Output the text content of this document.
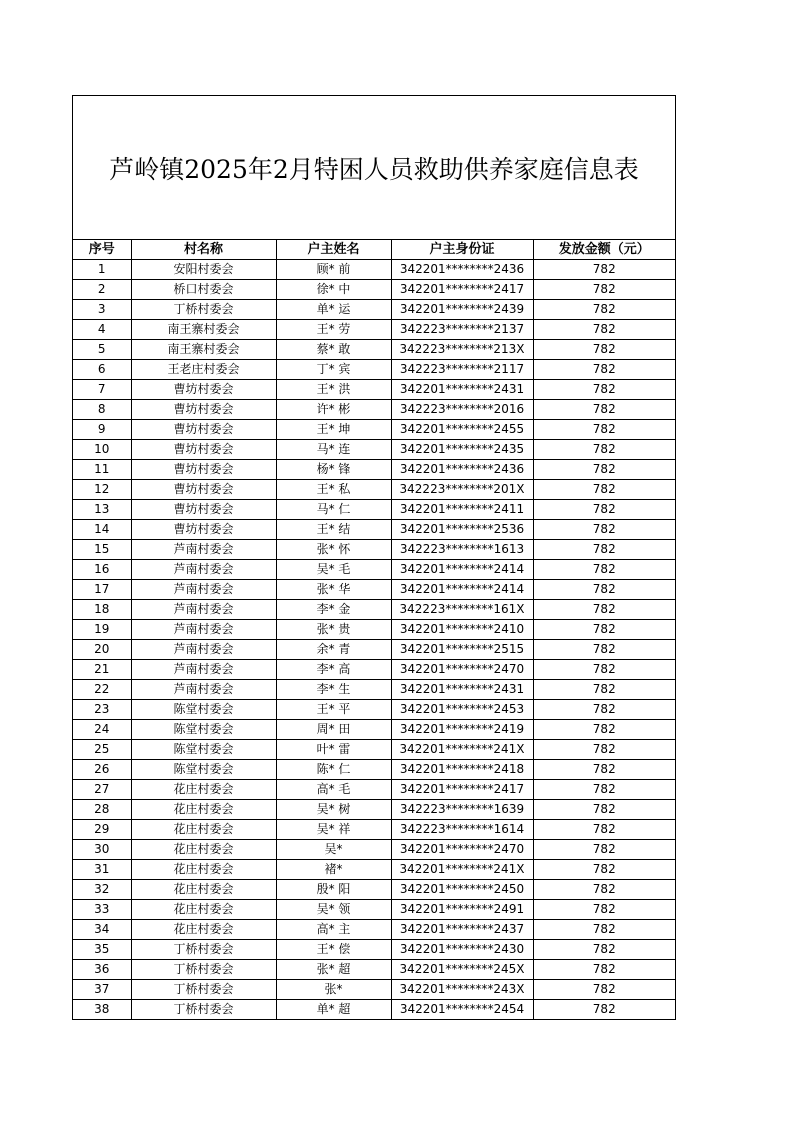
芦岭镇2025年2月特困人员救助供养家庭信息表
序号	村名称	户主姓名	户主身份证	发放金额（元）
1	安阳村委会	顾* 前	342201********2436	782
2	桥口村委会	徐* 中	342201********2417	782
3	丁桥村委会	单* 运	342201********2439	782
4	南王寨村委会	王* 劳	342223********2137	782
5	南王寨村委会	蔡* 敢	342223********213X	782
6	王老庄村委会	丁* 宾	342223********2117	782
7	曹坊村委会	王* 洪	342201********2431	782
8	曹坊村委会	许* 彬	342223********2016	782
9	曹坊村委会	王* 坤	342201********2455	782
10	曹坊村委会	马* 连	342201********2435	782
11	曹坊村委会	杨* 锋	342201********2436	782
12	曹坊村委会	王* 私	342223********201X	782
13	曹坊村委会	马* 仁	342201********2411	782
14	曹坊村委会	王* 结	342201********2536	782
15	芦南村委会	张* 怀	342223********1613	782
16	芦南村委会	吴* 毛	342201********2414	782
17	芦南村委会	张* 华	342201********2414	782
18	芦南村委会	李* 金	342223********161X	782
19	芦南村委会	张* 贵	342201********2410	782
20	芦南村委会	余* 青	342201********2515	782
21	芦南村委会	李* 高	342201********2470	782
22	芦南村委会	李* 生	342201********2431	782
23	陈堂村委会	王* 平	342201********2453	782
24	陈堂村委会	周* 田	342201********2419	782
25	陈堂村委会	叶* 雷	342201********241X	782
26	陈堂村委会	陈* 仁	342201********2418	782
27	花庄村委会	高* 毛	342201********2417	782
28	花庄村委会	吴* 树	342223********1639	782
29	花庄村委会	吴* 祥	342223********1614	782
30	花庄村委会	吴*	342201********2470	782
31	花庄村委会	褚*	342201********241X	782
32	花庄村委会	殷* 阳	342201********2450	782
33	花庄村委会	吴* 领	342201********2491	782
34	花庄村委会	高* 主	342201********2437	782
35	丁桥村委会	王* 偿	342201********2430	782
36	丁桥村委会	张* 超	342201********245X	782
37	丁桥村委会	张*	342201********243X	782
38	丁桥村委会	单* 超	342201********2454	782
